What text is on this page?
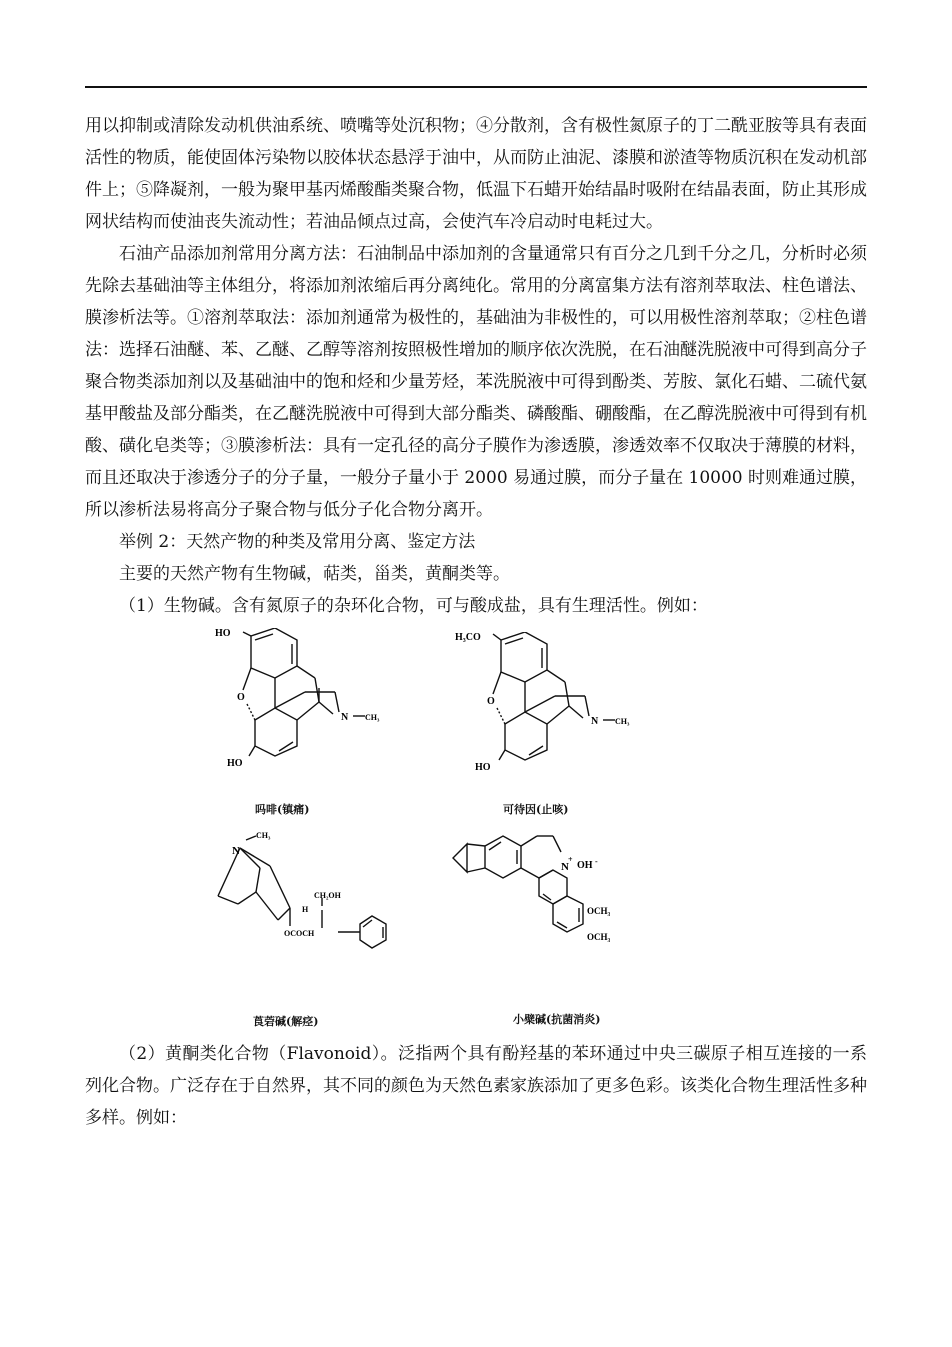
用以抑制或清除发动机供油系统、喷嘴等处沉积物；④分散剂，含有极性氮原子的丁二酰亚胺等具有表面活性的物质，能使固体污染物以胶体状态悬浮于油中，从而防止油泥、漆膜和淤渣等物质沉积在发动机部件上；⑤降凝剂，一般为聚甲基丙烯酸酯类聚合物，低温下石蜡开始结晶时吸附在结晶表面，防止其形成网状结构而使油丧失流动性；若油品倾点过高，会使汽车冷启动时电耗过大。

石油产品添加剂常用分离方法：石油制品中添加剂的含量通常只有百分之几到千分之几，分析时必须先除去基础油等主体组分，将添加剂浓缩后再分离纯化。常用的分离富集方法有溶剂萃取法、柱色谱法、膜渗析法等。①溶剂萃取法：添加剂通常为极性的，基础油为非极性的，可以用极性溶剂萃取；②柱色谱法：选择石油醚、苯、乙醚、乙醇等溶剂按照极性增加的顺序依次洗脱，在石油醚洗脱液中可得到高分子聚合物类添加剂以及基础油中的饱和烃和少量芳烃，苯洗脱液中可得到酚类、芳胺、氯化石蜡、二硫代氨基甲酸盐及部分酯类，在乙醚洗脱液中可得到大部分酯类、磷酸酯、硼酸酯，在乙醇洗脱液中可得到有机酸、磺化皂类等；③膜渗析法：具有一定孔径的高分子膜作为渗透膜，渗透效率不仅取决于薄膜的材料，而且还取决于渗透分子的分子量，一般分子量小于 2000 易通过膜，而分子量在 10000 时则难通过膜，所以渗析法易将高分子聚合物与低分子化合物分离开。

举例 2：天然产物的种类及常用分离、鉴定方法

主要的天然产物有生物碱，萜类，甾类，黄酮类等。

（1）生物碱。含有氮原子的杂环化合物，可与酸成盐，具有生理活性。例如：

HO
O
N CH₃
HO
吗啡(镇痛)
H₃CO
O
N CH₃
HO
可待因(止咳)
N
CH₃
H
CH₂OH
OCOCH
莨菪碱(解痉)
N
+
OH -
OCH₃
OCH₃
小檗碱(抗菌消炎)

（2）黄酮类化合物（Flavonoid）。泛指两个具有酚羟基的苯环通过中央三碳原子相互连接的一系列化合物。广泛存在于自然界，其不同的颜色为天然色素家族添加了更多色彩。该类化合物生理活性多种多样。例如：
